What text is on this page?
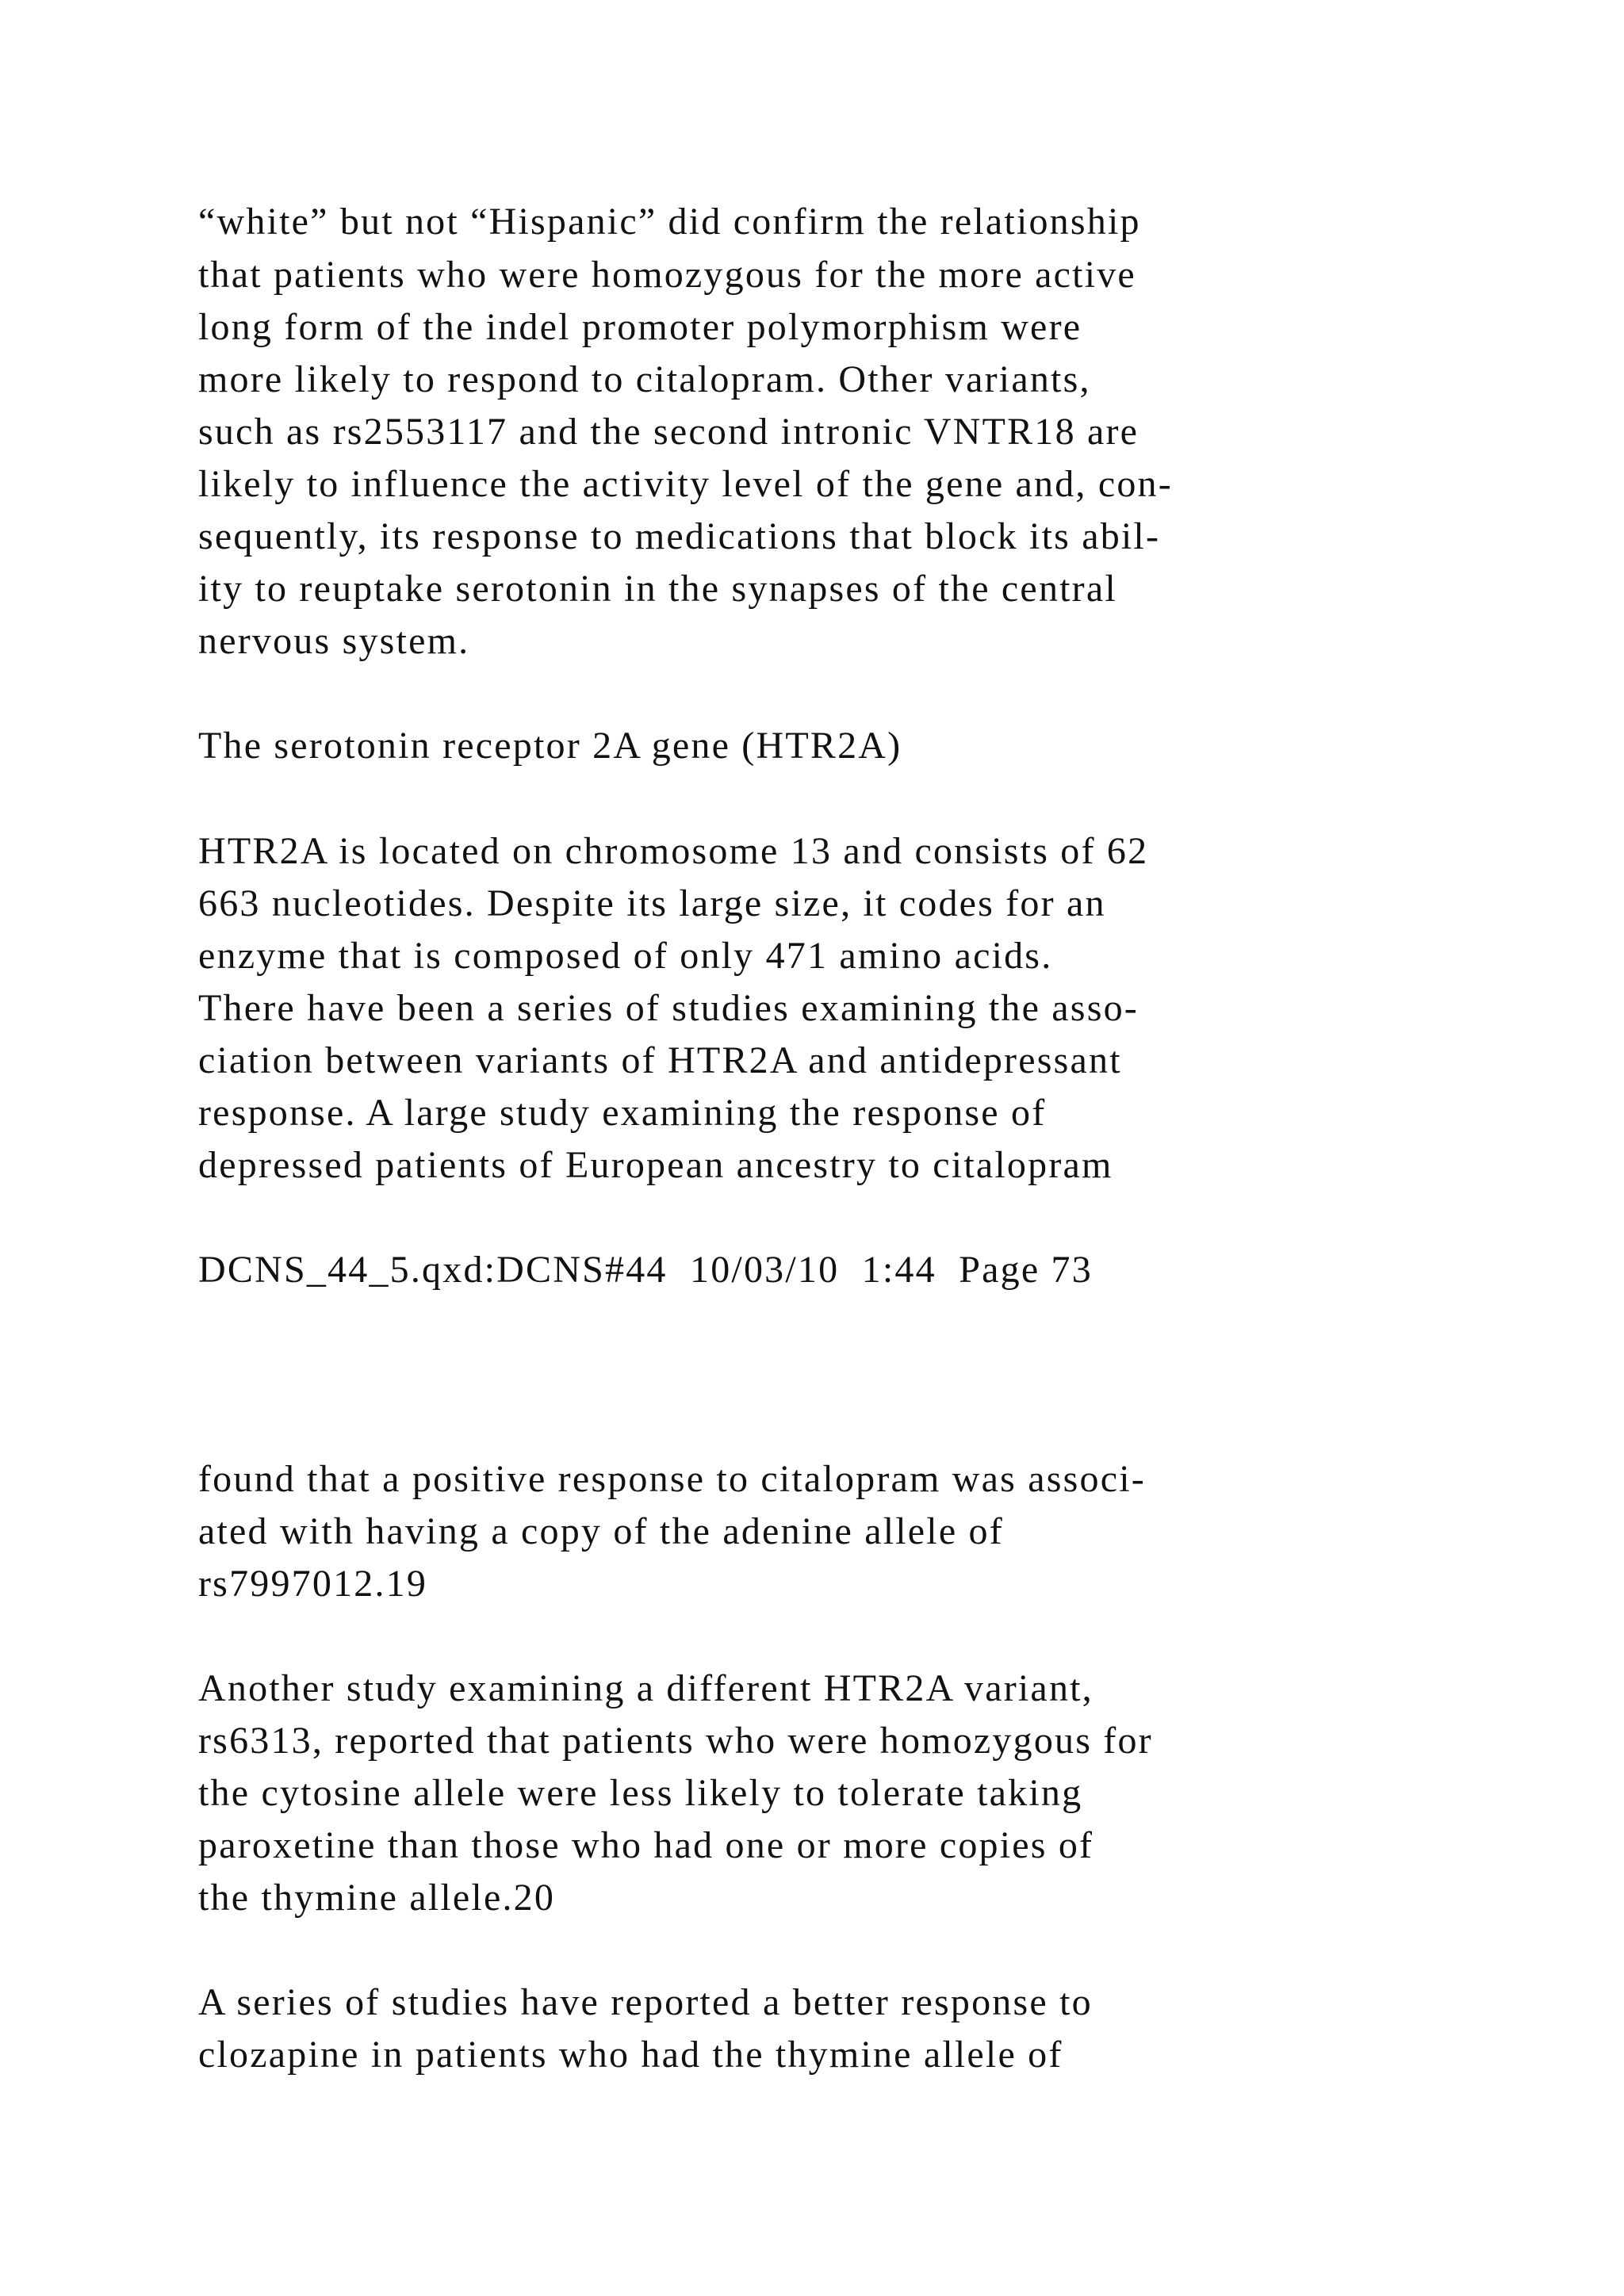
“white” but not “Hispanic” did confirm the relationship

that patients who were homozygous for the more active

long form of the indel promoter polymorphism were

more likely to respond to citalopram. Other variants,

such as rs2553117 and the second intronic VNTR18 are

likely to influence the activity level of the gene and, con-

sequently, its response to medications that block its abil-

ity to reuptake serotonin in the synapses of the central

nervous system.

The serotonin receptor 2A gene (HTR2A)

HTR2A is located on chromosome 13 and consists of 62

663 nucleotides. Despite its large size, it codes for an

enzyme that is composed of only 471 amino acids.

There have been a series of studies examining the asso-

ciation between variants of HTR2A and antidepressant

response. A large study examining the response of

depressed patients of European ancestry to citalopram

DCNS_44_5.qxd:DCNS#44  10/03/10  1:44  Page 73

found that a positive response to citalopram was associ-

ated with having a copy of the adenine allele of

rs7997012.19

Another study examining a different HTR2A variant,

rs6313, reported that patients who were homozygous for

the cytosine allele were less likely to tolerate taking

paroxetine than those who had one or more copies of

the thymine allele.20

A series of studies have reported a better response to

clozapine in patients who had the thymine allele of
